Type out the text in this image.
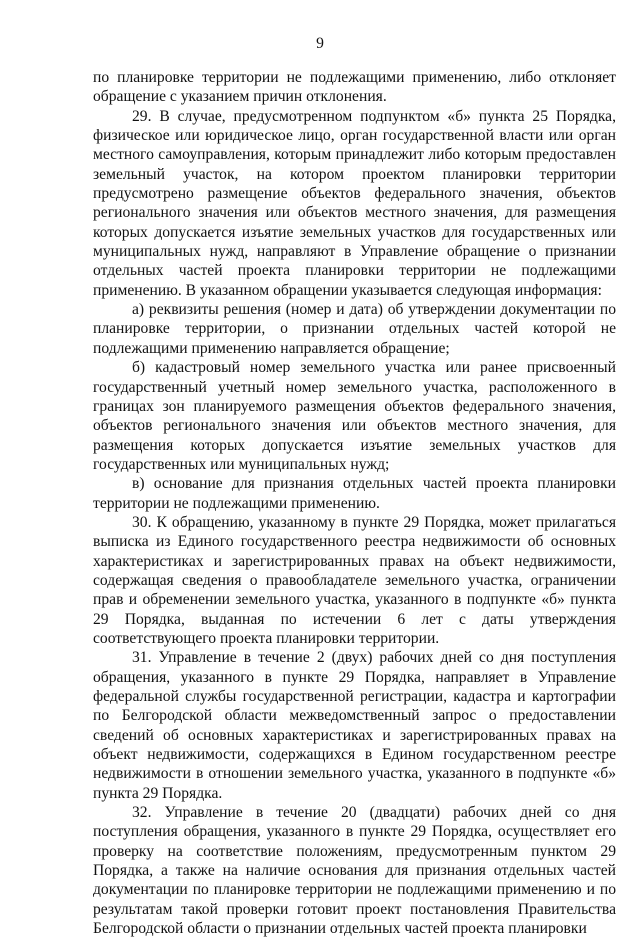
9

по планировке территории не подлежащими применению, либо отклоняет обращение с указанием причин отклонения.

29. В случае, предусмотренном подпунктом «б» пункта 25 Порядка, физическое или юридическое лицо, орган государственной власти или орган местного самоуправления, которым принадлежит либо которым предоставлен земельный участок, на котором проектом планировки территории предусмотрено размещение объектов федерального значения, объектов регионального значения или объектов местного значения, для размещения которых допускается изъятие земельных участков для государственных или муниципальных нужд, направляют в Управление обращение о признании отдельных частей проекта планировки территории не подлежащими применению. В указанном обращении указывается следующая информация:

а) реквизиты решения (номер и дата) об утверждении документации по планировке территории, о признании отдельных частей которой не подлежащими применению направляется обращение;

б) кадастровый номер земельного участка или ранее присвоенный государственный учетный номер земельного участка, расположенного в границах зон планируемого размещения объектов федерального значения, объектов регионального значения или объектов местного значения, для размещения которых допускается изъятие земельных участков для государственных или муниципальных нужд;

в) основание для признания отдельных частей проекта планировки территории не подлежащими применению.

30. К обращению, указанному в пункте 29 Порядка, может прилагаться выписка из Единого государственного реестра недвижимости об основных характеристиках и зарегистрированных правах на объект недвижимости, содержащая сведения о правообладателе земельного участка, ограничении прав и обременении земельного участка, указанного в подпункте «б» пункта 29 Порядка, выданная по истечении 6 лет с даты утверждения соответствующего проекта планировки территории.

31. Управление в течение 2 (двух) рабочих дней со дня поступления обращения, указанного в пункте 29 Порядка, направляет в Управление федеральной службы государственной регистрации, кадастра и картографии по Белгородской области межведомственный запрос о предоставлении сведений об основных характеристиках и зарегистрированных правах на объект недвижимости, содержащихся в Едином государственном реестре недвижимости в отношении земельного участка, указанного в подпункте «б» пункта 29 Порядка.

32. Управление в течение 20 (двадцати) рабочих дней со дня поступления обращения, указанного в пункте 29 Порядка, осуществляет его проверку на соответствие положениям, предусмотренным пунктом 29 Порядка, а также на наличие основания для признания отдельных частей документации по планировке территории не подлежащими применению и по результатам такой проверки готовит проект постановления Правительства Белгородской области о признании отдельных частей проекта планировки
